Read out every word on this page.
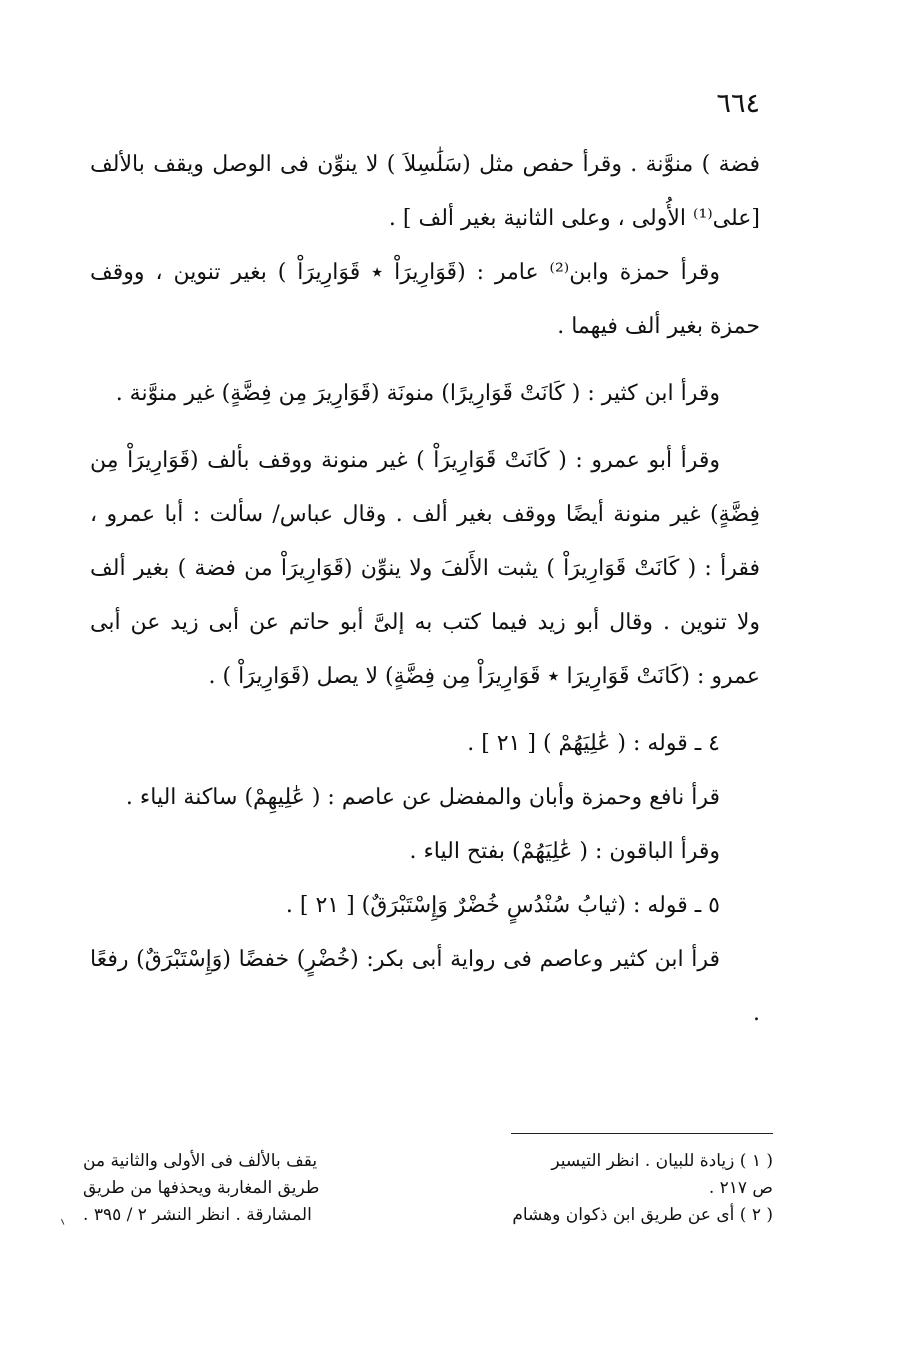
٦٦٤

فضة ) منوَّنة . وقرأ حفص مثل (سَلَٰسِلاَ ) لا ينوِّن فى الوصل ويقف بالألف [على⁽¹⁾ الأُولى ، وعلى الثانية بغير ألف ] .

وقرأ حمزة وابن⁽²⁾ عامر : (قَوَارِيرَاْ ٭ قَوَارِيرَاْ ) بغير تنوين ، ووقف حمزة بغير ألف فيهما .

وقرأ ابن كثير : ( كَانَتْ قَوَارِيرًا) منونَة (قَوَارِيرَ مِن فِضَّةٍ) غير منوَّنة .

وقرأ أبو عمرو : ( كَانَتْ قَوَارِيرَاْ ) غير منونة ووقف بألف (قَوَارِيرَاْ مِن فِضَّةٍ) غير منونة أيضًا ووقف بغير ألف . وقال عباس/ سألت : أبا عمرو ، فقرأ : ( كَانَتْ قَوَارِيرَاْ ) يثبت الأَلفَ ولا ينوِّن (قَوَارِيرَاْ من فضة ) بغير ألف ولا تنوين . وقال أبو زيد فيما كتب به إلىَّ أبو حاتم عن أبى زيد عن أبى عمرو : (كَانَتْ قَوَارِيرَا ٭ قَوَارِيرَاْ مِن فِضَّةٍ) لا يصل (قَوَارِيرَاْ ) .

٤ ـ قوله : ( عَٰلِيَهُمْ ) [ ٢١ ] .

قرأ نافع وحمزة وأبان والمفضل عن عاصم : ( عَٰلِيهِمْ) ساكنة الياء .

وقرأ الباقون : ( عَٰلِيَهُمْ) بفتح الياء .

٥ ـ قوله : (ثيابُ سُنْدُسٍ خُضْرٌ وَإِسْتَبْرَقٌ) [ ٢١ ] .

قرأ ابن كثير وعاصم فى رواية أبى بكر: (خُضْرٍ) خفضًا (وَإِسْتَبْرَقٌ) رفعًا .

( ١ ) زيادة للبيان . انظر التيسير
يقف بالألف فى الأولى والثانية من
ص ٢١٧ .
طريق المغاربة ويحذفها من طريق
( ٢ ) أى عن طريق ابن ذكوان وهشام
المشارقة . انظر النشر ٢ / ٣٩٥ .
